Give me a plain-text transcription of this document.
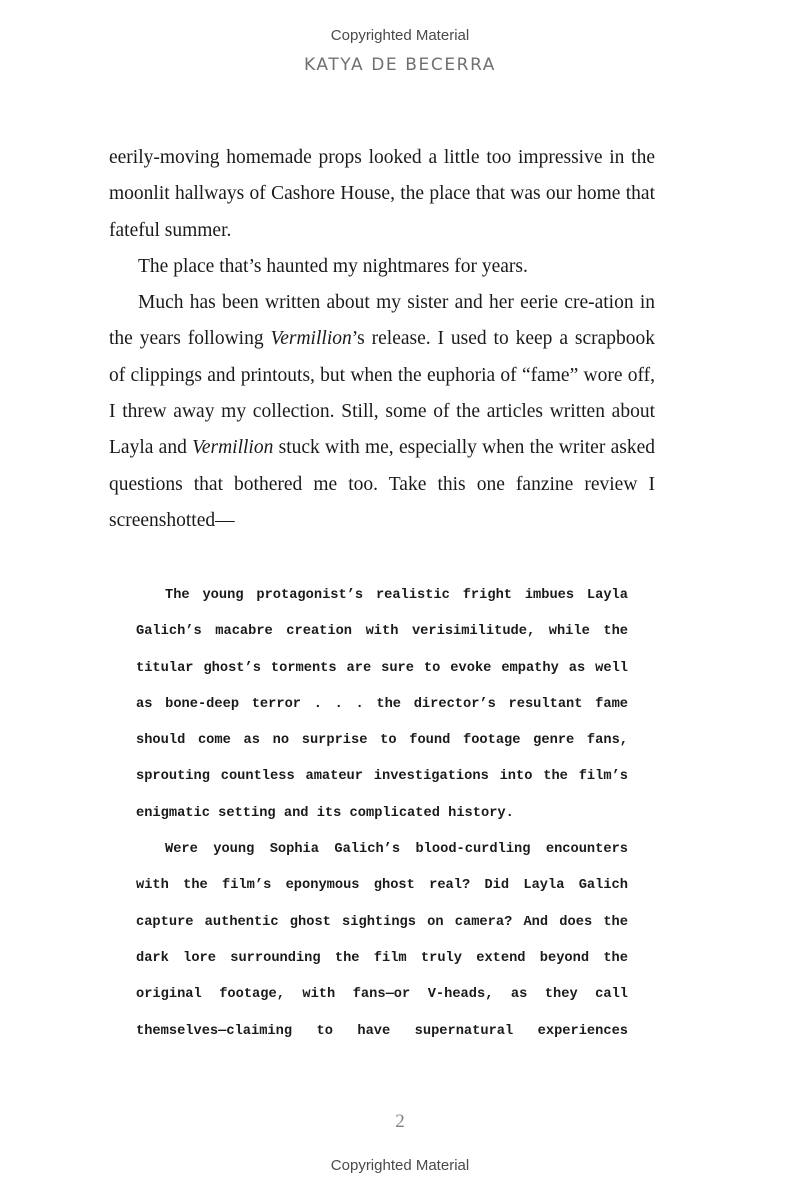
Copyrighted Material
KATYA DE BECERRA

eerily-moving homemade props looked a little too impressive in the moonlit hallways of Cashore House, the place that was our home that fateful summer.

The place that’s haunted my nightmares for years.

Much has been written about my sister and her eerie cre-ation in the years following Vermillion’s release. I used to keep a scrapbook of clippings and printouts, but when the euphoria of “fame” wore off, I threw away my collection. Still, some of the articles written about Layla and Vermillion stuck with me, especially when the writer asked questions that bothered me too. Take this one fanzine review I screenshotted—

The young protagonist’s realistic fright imbues Layla Galich’s macabre creation with verisimilitude, while the titular ghost’s torments are sure to evoke empathy as well as bone-deep terror . . . the director’s resultant fame should come as no surprise to found footage genre fans, sprouting countless amateur investigations into the film’s enigmatic setting and its complicated history.

Were young Sophia Galich’s blood-curdling encounters with the film’s eponymous ghost real? Did Layla Galich capture authentic ghost sightings on camera? And does the dark lore surrounding the film truly extend beyond the original footage, with fans—or V-heads, as they call themselves—claiming to have supernatural experiences

2
Copyrighted Material
